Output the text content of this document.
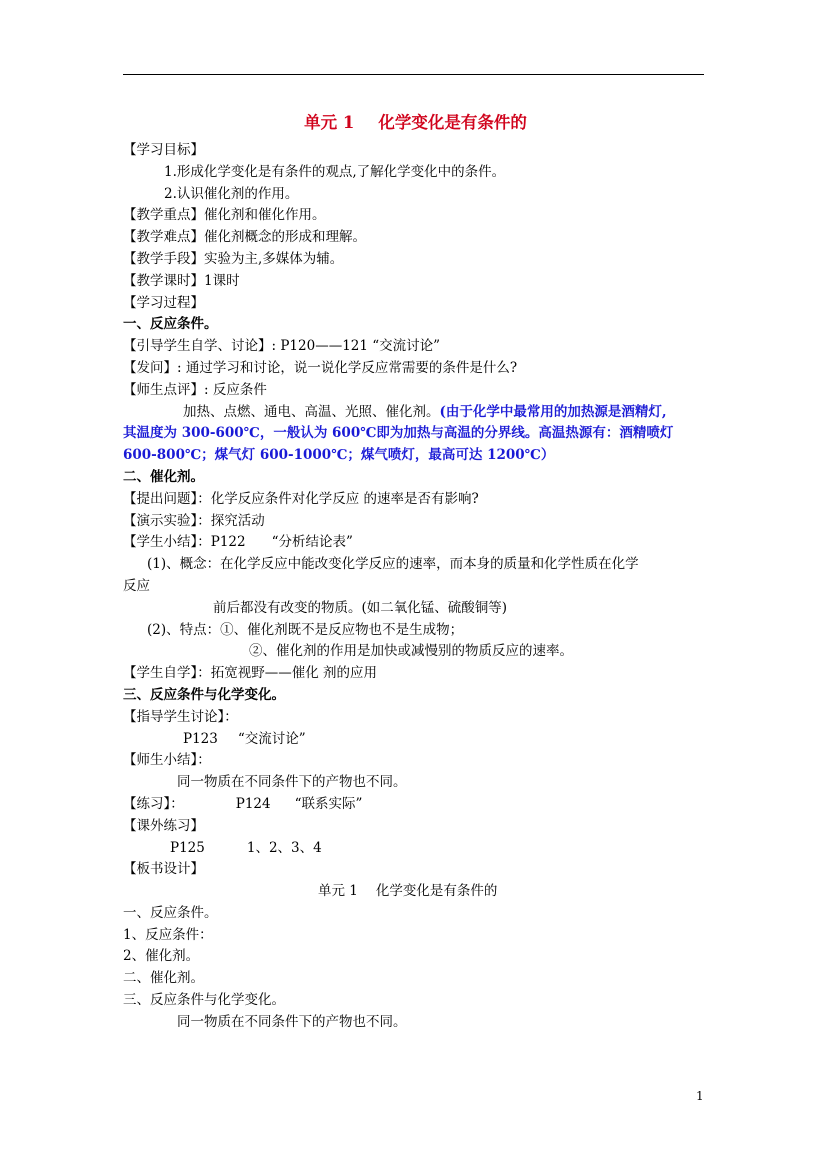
单元 1 化学变化是有条件的
【学习目标】
1.形成化学变化是有条件的观点,了解化学变化中的条件。
2.认识催化剂的作用。
【教学重点】催化剂和催化作用。
【教学难点】催化剂概念的形成和理解。
【教学手段】实验为主,多媒体为辅。
【教学课时】1课时
【学习过程】
一、反应条件。
【引导学生自学、讨论】: P120——121 “交流讨论”
【发问】: 通过学习和讨论，说一说化学反应常需要的条件是什么?
【师生点评】: 反应条件
加热、点燃、通电、高温、光照、催化剂。(由于化学中最常用的加热源是酒精灯,
其温度为 300-600℃，一般认为 600℃即为加热与高温的分界线。高温热源有：酒精喷灯
600-800℃；煤气灯 600-1000℃；煤气喷灯，最高可达 1200℃）
二、催化剂。
【提出问题】：化学反应条件对化学反应 的速率是否有影响?
【演示实验】：探究活动
【学生小结】：P122 “分析结论表”
(1)、概念：在化学反应中能改变化学反应的速率，而本身的质量和化学性质在化学
反应
前后都没有改变的物质。(如二氧化锰、硫酸铜等)
(2)、特点：①、催化剂既不是反应物也不是生成物；
②、催化剂的作用是加快或减慢别的物质反应的速率。
【学生自学】：拓宽视野——催化 剂的应用
三、反应条件与化学变化。
【指导学生讨论】：
P123 “交流讨论”
【师生小结】：
同一物质在不同条件下的产物也不同。
【练习】：	P124 “联系实际”
【课外练习】
P125	1、2、3、4
【板书设计】
单元 1 化学变化是有条件的
一、反应条件。
1、反应条件：
2、催化剂。
二、催化剂。
三、反应条件与化学变化。
同一物质在不同条件下的产物也不同。
1
